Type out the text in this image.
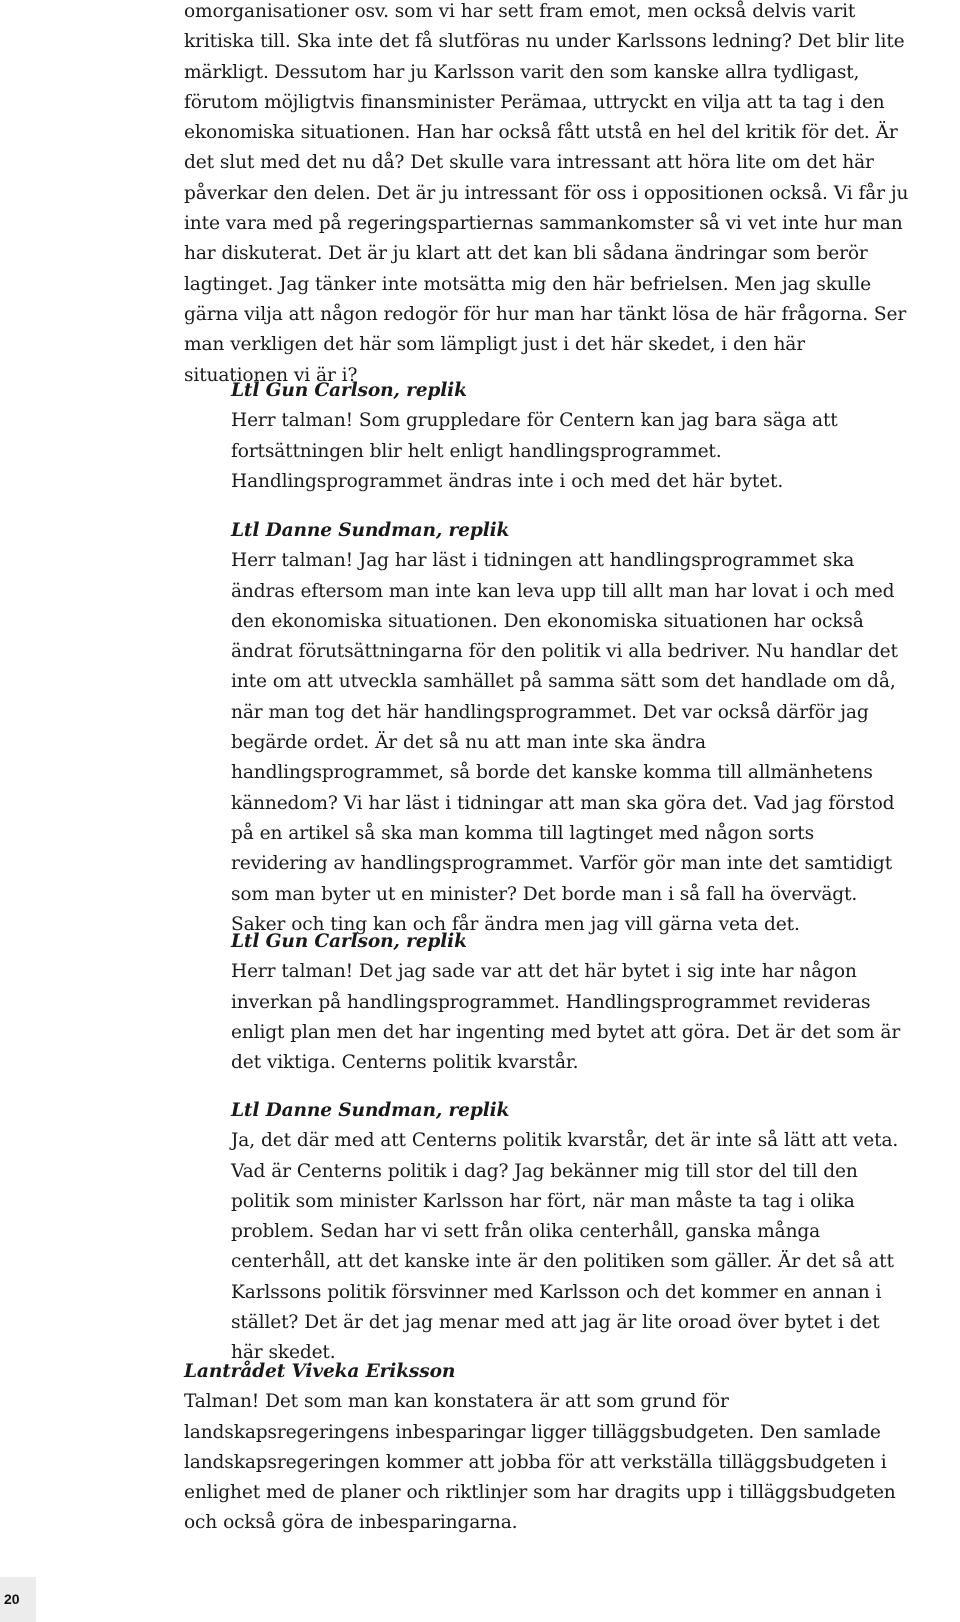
omorganisationer osv. som vi har sett fram emot, men också delvis varit kritiska till. Ska inte det få slutföras nu under Karlssons ledning? Det blir lite märkligt. Dessutom har ju Karlsson varit den som kanske allra tydligast, förutom möjligtvis finansminister Perämaa, uttryckt en vilja att ta tag i den ekonomiska situationen. Han har också fått utstå en hel del kritik för det. Är det slut med det nu då? Det skulle vara intressant att höra lite om det här påverkar den delen. Det är ju intressant för oss i oppositionen också. Vi får ju inte vara med på regeringspartiernas sammankomster så vi vet inte hur man har diskuterat. Det är ju klart att det kan bli sådana ändringar som berör lagtinget. Jag tänker inte motsätta mig den här befrielsen. Men jag skulle gärna vilja att någon redogör för hur man har tänkt lösa de här frågorna. Ser man verkligen det här som lämpligt just i det här skedet, i den här situationen vi är i?

Ltl Gun Carlson, replik

Herr talman! Som gruppledare för Centern kan jag bara säga att fortsättningen blir helt enligt handlingsprogrammet. Handlingsprogrammet ändras inte i och med det här bytet.

Ltl Danne Sundman, replik

Herr talman! Jag har läst i tidningen att handlingsprogrammet ska ändras eftersom man inte kan leva upp till allt man har lovat i och med den ekonomiska situationen. Den ekonomiska situationen har också ändrat förutsättningarna för den politik vi alla bedriver. Nu handlar det inte om att utveckla samhället på samma sätt som det handlade om då, när man tog det här handlingsprogrammet. Det var också därför jag begärde ordet. Är det så nu att man inte ska ändra handlingsprogrammet, så borde det kanske komma till allmänhetens kännedom? Vi har läst i tidningar att man ska göra det. Vad jag förstod på en artikel så ska man komma till lagtinget med någon sorts revidering av handlingsprogrammet. Varför gör man inte det samtidigt som man byter ut en minister? Det borde man i så fall ha övervägt. Saker och ting kan och får ändra men jag vill gärna veta det.

Ltl Gun Carlson, replik

Herr talman! Det jag sade var att det här bytet i sig inte har någon inverkan på handlingsprogrammet. Handlingsprogrammet revideras enligt plan men det har ingenting med bytet att göra. Det är det som är det viktiga. Centerns politik kvarstår.

Ltl Danne Sundman, replik

Ja, det där med att Centerns politik kvarstår, det är inte så lätt att veta. Vad är Centerns politik i dag? Jag bekänner mig till stor del till den politik som minister Karlsson har fört, när man måste ta tag i olika problem. Sedan har vi sett från olika centerhåll, ganska många centerhåll, att det kanske inte är den politiken som gäller. Är det så att Karlssons politik försvinner med Karlsson och det kommer en annan i stället? Det är det jag menar med att jag är lite oroad över bytet i det här skedet.

Lantrådet Viveka Eriksson

Talman! Det som man kan konstatera är att som grund för landskapsregeringens inbesparingar ligger tilläggsbudgeten. Den samlade landskapsregeringen kommer att jobba för att verkställa tilläggsbudgeten i enlighet med de planer och riktlinjer som har dragits upp i tilläggsbudgeten och också göra de inbesparingarna.

20
